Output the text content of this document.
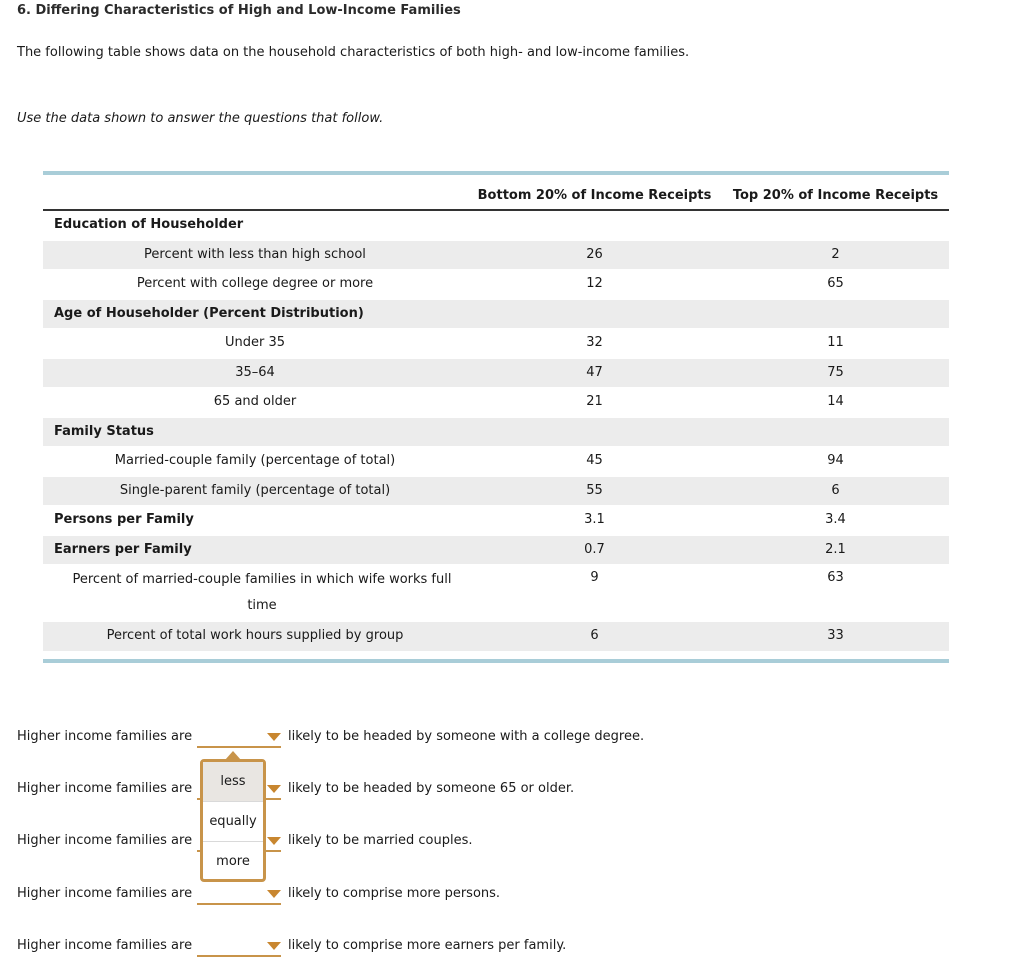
6. Differing Characteristics of High and Low-Income Families
The following table shows data on the household characteristics of both high- and low-income families.
Use the data shown to answer the questions that follow.
	Bottom 20% of Income Receipts	Top 20% of Income Receipts
Education of Householder		
Percent with less than high school	26	2
Percent with college degree or more	12	65
Age of Householder (Percent Distribution)		
Under 35	32	11
35–64	47	75
65 and older	21	14
Family Status		
Married-couple family (percentage of total)	45	94
Single-parent family (percentage of total)	55	6
Persons per Family	3.1	3.4
Earners per Family	0.7	2.1

Percent of married-couple families in which wife works full time	9	63
Percent of total work hours supplied by group	6	33
Higher income families are	likely to be headed by someone with a college degree.
Higher income families are	likely to be headed by someone 65 or older.
Higher income families are	likely to be married couples.
Higher income families are	likely to comprise more persons.
Higher income families are	likely to comprise more earners per family.
less
equally
more
